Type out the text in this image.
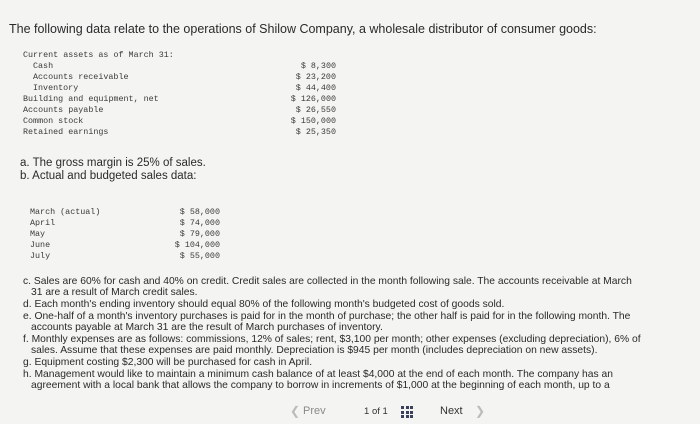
The following data relate to the operations of Shilow Company, a wholesale distributor of consumer goods:
Current assets as of March 31:
Cash
Accounts receivable
Inventory
Building and equipment, net
Accounts payable
Common stock
Retained earnings
$ 8,300
$ 23,200
$ 44,400
$ 126,000
$ 26,550
$ 150,000
$ 25,350
a. The gross margin is 25% of sales.
b. Actual and budgeted sales data:
March (actual)
April
May
June
July
$ 58,000
$ 74,000
$ 79,000
$ 104,000
$ 55,000
c. Sales are 60% for cash and 40% on credit. Credit sales are collected in the month following sale. The accounts receivable at March
31 are a result of March credit sales.
d. Each month's ending inventory should equal 80% of the following month's budgeted cost of goods sold.
e. One-half of a month's inventory purchases is paid for in the month of purchase; the other half is paid for in the following month. The
accounts payable at March 31 are the result of March purchases of inventory.
f. Monthly expenses are as follows: commissions, 12% of sales; rent, $3,100 per month; other expenses (excluding depreciation), 6% of
sales. Assume that these expenses are paid monthly. Depreciation is $945 per month (includes depreciation on new assets).
g. Equipment costing $2,300 will be purchased for cash in April.
h. Management would like to maintain a minimum cash balance of at least $4,000 at the end of each month. The company has an
agreement with a local bank that allows the company to borrow in increments of $1,000 at the beginning of each month, up to a
❮ Prev	1 of 1	Next ❯
